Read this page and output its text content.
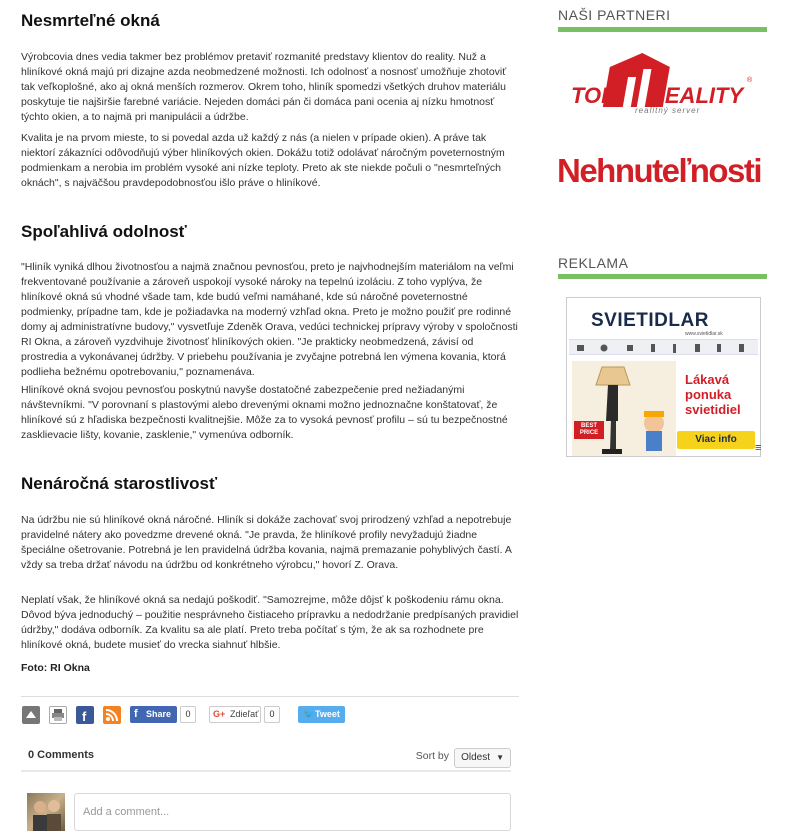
Nesmrteľné okná

Výrobcovia dnes vedia takmer bez problémov pretaviť rozmanité predstavy klientov do reality. Nuž a hliníkové okná majú pri dizajne azda neobmedzené možnosti. Ich odolnosť a nosnosť umožňuje zhotoviť tak veľkoplošné, ako aj okná menších rozmerov. Okrem toho, hliník spomedzi všetkých druhov materiálu poskytuje tie najširšie farebné variácie. Nejeden domáci pán či domáca pani ocenia aj nízku hmotnosť týchto okien, a to najmä pri manipulácii a údržbe.

Kvalita je na prvom mieste, to si povedal azda už každý z nás (a nielen v prípade okien). A práve tak niektorí zákazníci odôvodňujú výber hliníkových okien. Dokážu totiž odolávať náročným poveternostným podmienkam a nerobia im problém vysoké ani nízke teploty. Preto ak ste niekde počuli o "nesmrteľných oknách", s najväčšou pravdepodobnosťou išlo práve o hliníkové.

Spoľahlivá odolnosť

"Hliník vyniká dlhou životnosťou a najmä značnou pevnosťou, preto je najvhodnejším materiálom na veľmi frekventované používanie a zároveň uspokojí vysoké nároky na tepelnú izoláciu. Z toho vyplýva, že hliníkové okná sú vhodné všade tam, kde budú veľmi namáhané, kde sú náročné poveternostné podmienky, prípadne tam, kde je požiadavka na moderný vzhľad okna. Preto je možno použiť pre rodinné domy aj administratívne budovy," vysvetľuje Zdeněk Orava, vedúci technickej prípravy výroby v spoločnosti RI Okna, a zároveň vyzdvihuje životnosť hliníkových okien. "Je prakticky neobmedzená, závisí od prostredia a vykonávanej údržby. V priebehu používania je zvyčajne potrebná len výmena kovania, ktorá podlieha bežnému opotrebovaniu," poznamenáva.

Hliníkové okná svojou pevnosťou poskytnú navyše dostatočné zabezpečenie pred nežiadanými návštevníkmi. "V porovnaní s plastovými alebo drevenými oknami možno jednoznačne konštatovať, že hliníkové sú z hľadiska bezpečnosti kvalitnejšie. Môže za to vysoká pevnosť profilu – sú tu bezpečnostné zasklievacie lišty, kovanie, zasklenie," vymenúva odborník.

Nenáročná starostlivosť

Na údržbu nie sú hliníkové okná náročné. Hliník si dokáže zachovať svoj prirodzený vzhľad a nepotrebuje pravidelné nátery ako povedzme drevené okná. "Je pravda, že hliníkové profily nevyžadujú žiadne špeciálne ošetrovanie. Potrebná je len pravidelná údržba kovania, najmä premazanie pohyblivých častí. A vždy sa treba držať návodu na údržbu od konkrétneho výrobcu," hovorí Z. Orava.

Neplatí však, že hliníkové okná sa nedajú poškodiť. "Samozrejme, môže dôjsť k poškodeniu rámu okna. Dôvod býva jednoduchý – použitie nesprávneho čistiaceho prípravku a nedodržanie predpísaných pravidiel údržby," dodáva odborník. Za kvalitu sa ale platí. Preto treba počítať s tým, že ak sa rozhodnete pre hliníkové okná, budete musieť do vrecka siahnuť hlbšie.

Foto: RI Okna

f	f Share	0	G+ Zdieľať	0	🐦 Tweet
0 Comments	Sort by	Oldest ▼
Add a comment...
NAŠI PARTNERI
TOP REALITY
®
realitný server
Nehnuteľnosti
REKLAMA
SVIETIDLAR
www.svietidlar.sk
BEST PRICE
Lákavá
ponuka
svietidiel
Viac info
≡
